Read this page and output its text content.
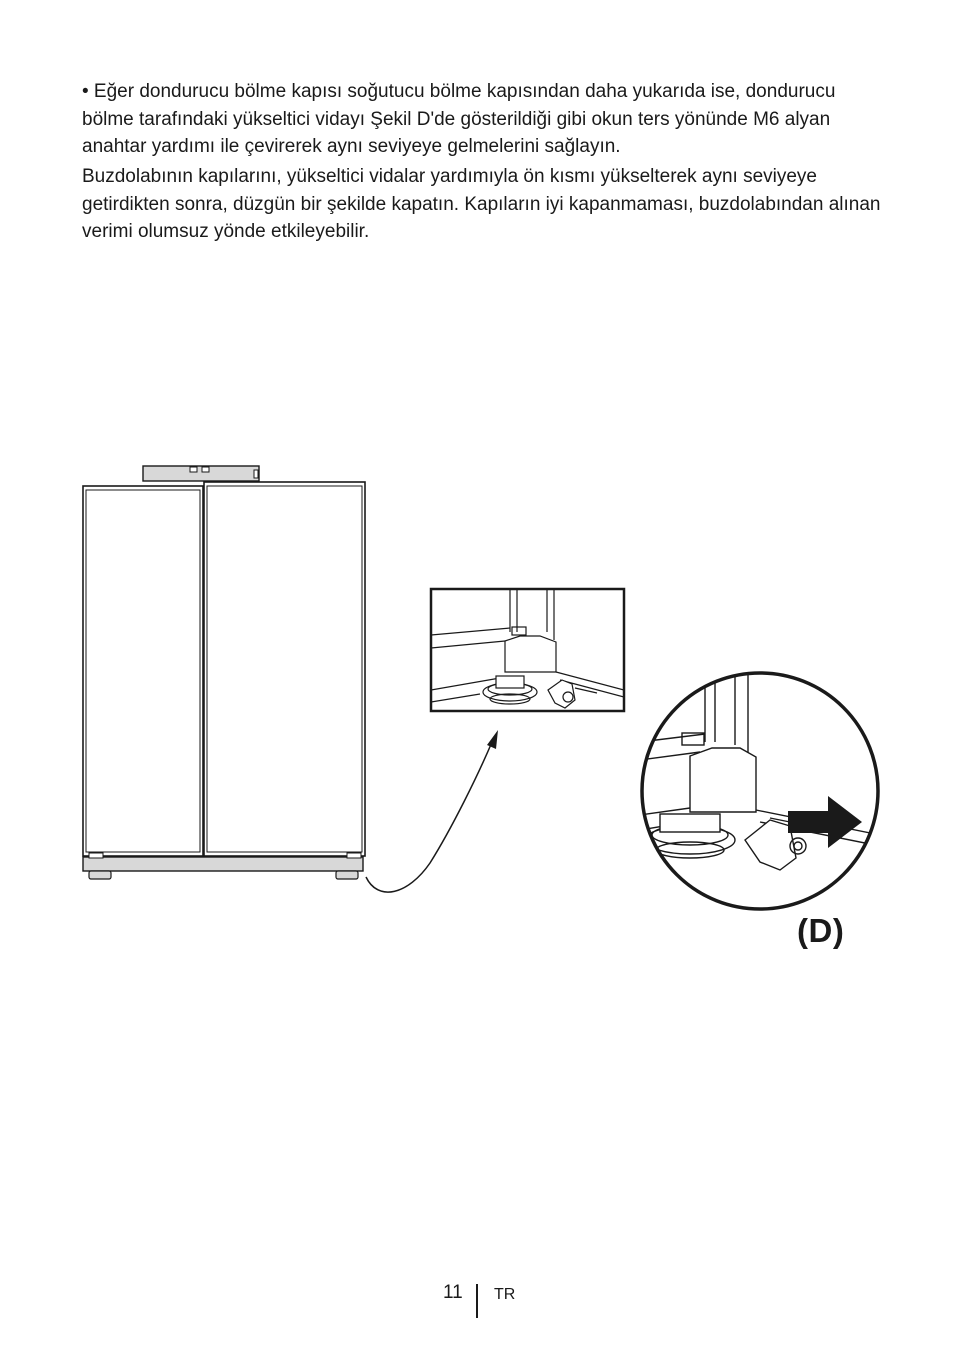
• Eğer dondurucu bölme kapısı soğutucu bölme kapısından daha yukarıda ise, dondurucu bölme tarafındaki yükseltici vidayı Şekil D'de gösterildiği gibi okun ters yönünde M6 alyan anahtar yardımı ile çevirerek aynı seviyeye gelmelerini sağlayın.

Buzdolabının kapılarını, yükseltici vidalar yardımıyla ön kısmı yükselterek aynı seviyeye getirdikten sonra, düzgün bir şekilde kapatın. Kapıların iyi kapanmaması, buzdolabından alınan verimi olumsuz yönde etkileyebilir.

(D)
11 TR
